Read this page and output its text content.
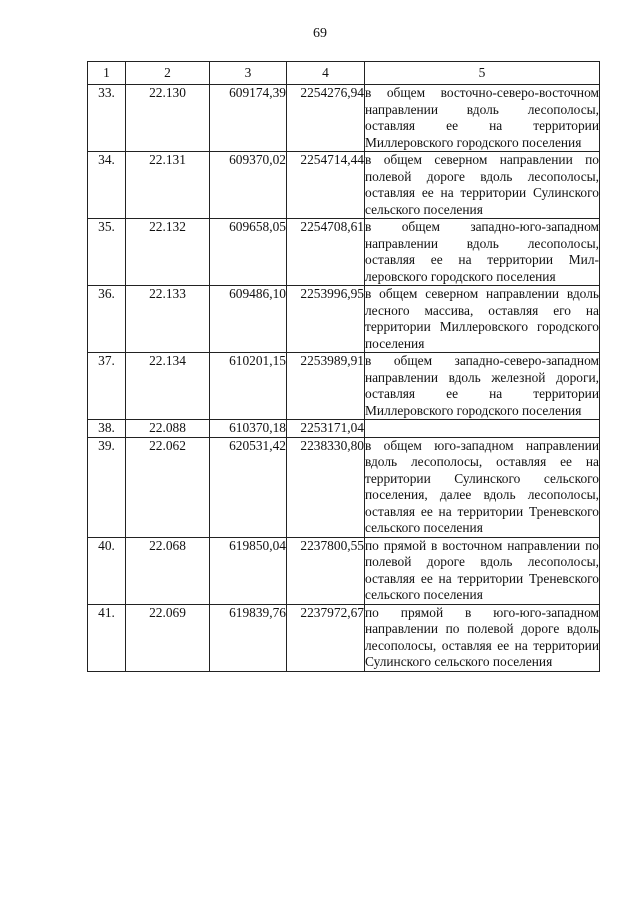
69
1	2	3	4	5
33.	22.130	609174,39	2254276,94	в общем восточно-северо-восточном направлении вдоль лесополосы, оставляя ее на территории Миллеровского городского поселения
34.	22.131	609370,02	2254714,44	в общем северном направлении по полевой дороге вдоль лесополосы, оставляя ее на территории Сулинского сельского поселения
35.	22.132	609658,05	2254708,61	в общем западно-юго-западном направлении вдоль лесополосы, оставляя ее на территории Миллеровского городского поселения
36.	22.133	609486,10	2253996,95	в общем северном направлении вдоль лесного массива, оставляя его на территории Миллеровского городского поселения
37.	22.134	610201,15	2253989,91	в общем западно-северо-западном направлении вдоль железной дороги, оставляя ее на территории Миллеровского городского поселения
38.	22.088	610370,18	2253171,04	
39.	22.062	620531,42	2238330,80	в общем юго-западном направлении вдоль лесополосы, оставляя ее на территории Сулинского сельского поселения, далее вдоль лесополосы, оставляя ее на территории Треневского сельского поселения
40.	22.068	619850,04	2237800,55	по прямой в восточном направлении по полевой дороге вдоль лесополосы, оставляя ее на территории Треневского сельского поселения
41.	22.069	619839,76	2237972,67	по прямой в юго-юго-западном направлении по полевой дороге вдоль лесополосы, оставляя ее на территории Сулинского сельского поселения
